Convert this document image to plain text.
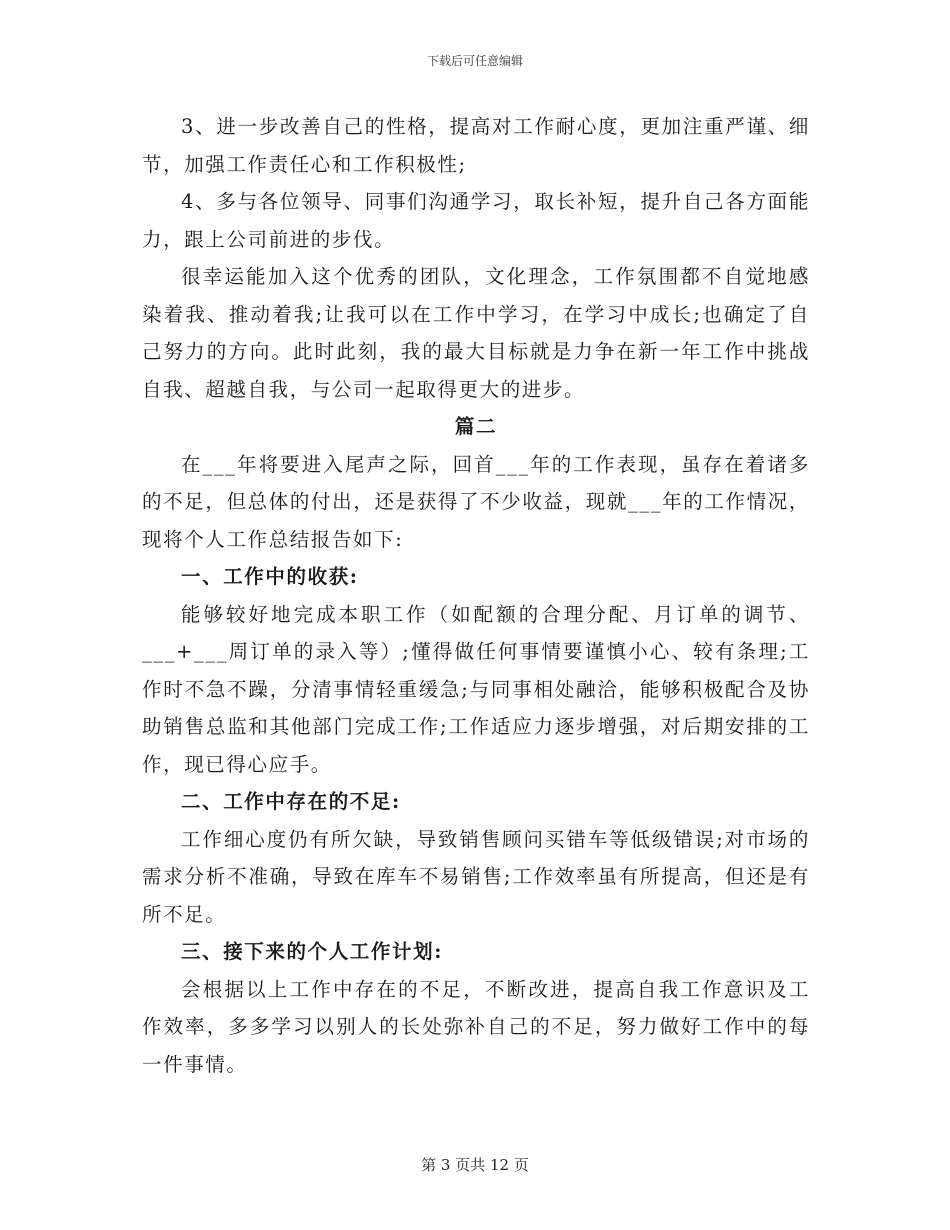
下载后可任意编辑

3、进一步改善自己的性格，提高对工作耐心度，更加注重严谨、细节，加强工作责任心和工作积极性;

4、多与各位领导、同事们沟通学习，取长补短，提升自己各方面能力，跟上公司前进的步伐。

很幸运能加入这个优秀的团队，文化理念，工作氛围都不自觉地感染着我、推动着我;让我可以在工作中学习，在学习中成长;也确定了自己努力的方向。此时此刻，我的最大目标就是力争在新一年工作中挑战自我、超越自我，与公司一起取得更大的进步。

篇二

在___年将要进入尾声之际，回首___年的工作表现，虽存在着诸多的不足，但总体的付出，还是获得了不少收益，现就___年的工作情况，现将个人工作总结报告如下:

一、工作中的收获:

能够较好地完成本职工作（如配额的合理分配、月订单的调节、___+___周订单的录入等）;懂得做任何事情要谨慎小心、较有条理;工作时不急不躁，分清事情轻重缓急;与同事相处融洽，能够积极配合及协助销售总监和其他部门完成工作;工作适应力逐步增强，对后期安排的工作，现已得心应手。

二、工作中存在的不足:

工作细心度仍有所欠缺，导致销售顾问买错车等低级错误;对市场的需求分析不准确，导致在库车不易销售;工作效率虽有所提高，但还是有所不足。

三、接下来的个人工作计划:

会根据以上工作中存在的不足，不断改进，提高自我工作意识及工作效率，多多学习以别人的长处弥补自己的不足，努力做好工作中的每一件事情。

第 3 页共 12 页
